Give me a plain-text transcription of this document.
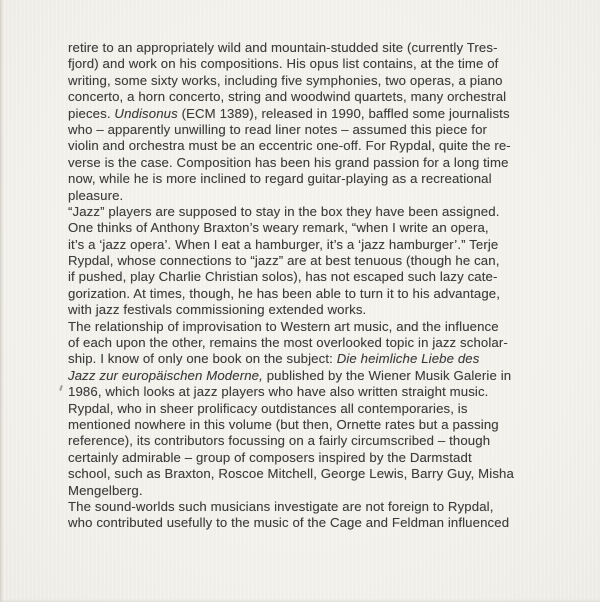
retire to an appropriately wild and mountain-studded site (currently Tres-
fjord) and work on his compositions. His opus list contains, at the time of
writing, some sixty works, including five symphonies, two operas, a piano
concerto, a horn concerto, string and woodwind quartets, many orchestral
pieces. Undisonus (ECM 1389), released in 1990, baffled some journalists
who – apparently unwilling to read liner notes – assumed this piece for
violin and orchestra must be an eccentric one-off. For Rypdal, quite the re-
verse is the case. Composition has been his grand passion for a long time
now, while he is more inclined to regard guitar-playing as a recreational
pleasure.
“Jazz” players are supposed to stay in the box they have been assigned.
One thinks of Anthony Braxton’s weary remark, “when I write an opera,
it’s a ‘jazz opera’. When I eat a hamburger, it’s a ‘jazz hamburger’.” Terje
Rypdal, whose connections to “jazz” are at best tenuous (though he can,
if pushed, play Charlie Christian solos), has not escaped such lazy cate-
gorization. At times, though, he has been able to turn it to his advantage,
with jazz festivals commissioning extended works.
The relationship of improvisation to Western art music, and the influence
of each upon the other, remains the most overlooked topic in jazz scholar-
ship. I know of only one book on the subject: Die heimliche Liebe des
Jazz zur europäischen Moderne, published by the Wiener Musik Galerie in
1986, which looks at jazz players who have also written straight music.
Rypdal, who in sheer prolificacy outdistances all contemporaries, is
mentioned nowhere in this volume (but then, Ornette rates but a passing
reference), its contributors focussing on a fairly circumscribed – though
certainly admirable – group of composers inspired by the Darmstadt
school, such as Braxton, Roscoe Mitchell, George Lewis, Barry Guy, Misha
Mengelberg.
The sound-worlds such musicians investigate are not foreign to Rypdal,
who contributed usefully to the music of the Cage and Feldman influenced
